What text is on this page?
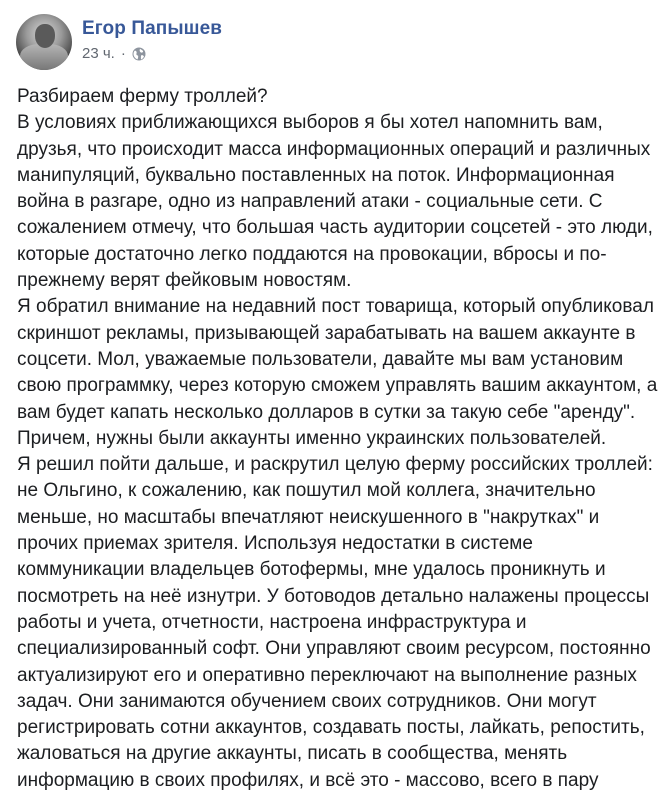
Егор Папышев
23 ч. ·

Разбираем ферму троллей?

В условиях приближающихся выборов я бы хотел напомнить вам, друзья, что происходит масса информационных операций и различных манипуляций, буквально поставленных на поток. Информационная война в разгаре, одно из направлений атаки - социальные сети. С сожалением отмечу, что большая часть аудитории соцсетей - это люди, которые достаточно легко поддаются на провокации, вбросы и по-прежнему верят фейковым новостям.

Я обратил внимание на недавний пост товарища, который опубликовал скриншот рекламы, призывающей зарабатывать на вашем аккаунте в соцсети. Мол, уважаемые пользователи, давайте мы вам установим свою программку, через которую сможем управлять вашим аккаунтом, а вам будет капать несколько долларов в сутки за такую себе "аренду". Причем, нужны были аккаунты именно украинских пользователей.

Я решил пойти дальше, и раскрутил целую ферму российских троллей: не Ольгино, к сожалению, как пошутил мой коллега, значительно меньше, но масштабы впечатляют неискушенного в "накрутках" и прочих приемах зрителя. Используя недостатки в системе коммуникации владельцев ботофермы, мне удалось проникнуть и посмотреть на неё изнутри. У ботоводов детально налажены процессы работы и учета, отчетности, настроена инфраструктура и специализированный софт. Они управляют своим ресурсом, постоянно актуализируют его и оперативно переключают на выполнение разных задач. Они занимаются обучением своих сотрудников. Они могут регистрировать сотни аккаунтов, создавать посты, лайкать, репостить, жаловаться на другие аккаунты, писать в сообщества, менять информацию в своих профилях, и всё это - массово, всего в пару
